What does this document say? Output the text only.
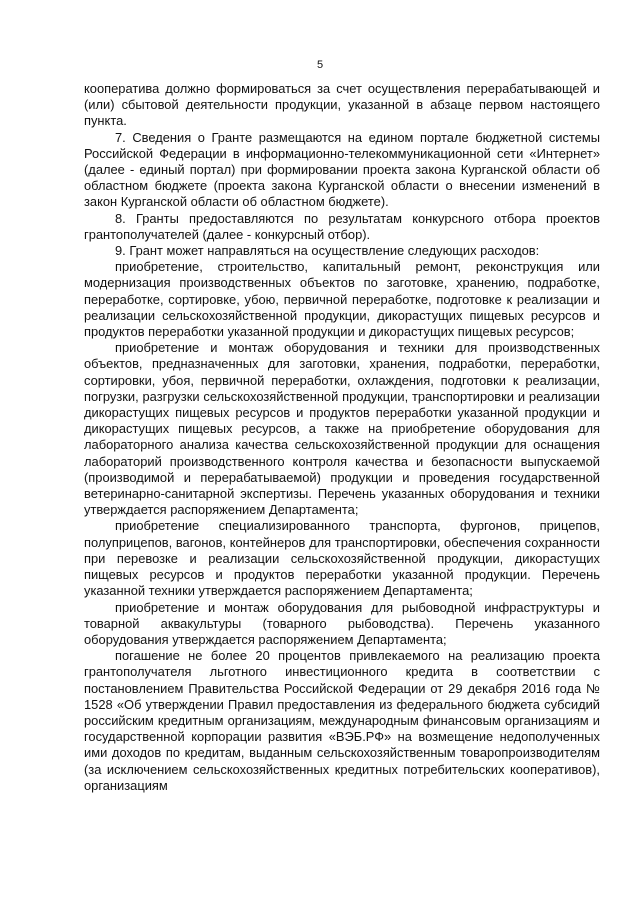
5

кооператива должно формироваться за счет осуществления перерабатывающей и (или) сбытовой деятельности продукции, указанной в абзаце первом настоящего пункта.

7. Сведения о Гранте размещаются на едином портале бюджетной системы Российской Федерации в информационно-телекоммуникационной сети «Интернет» (далее - единый портал) при формировании проекта закона Курганской области об областном бюджете (проекта закона Курганской области о внесении изменений в закон Курганской области об областном бюджете).

8. Гранты предоставляются по результатам конкурсного отбора проектов грантополучателей (далее - конкурсный отбор).

9. Грант может направляться на осуществление следующих расходов:

приобретение, строительство, капитальный ремонт, реконструкция или модернизация производственных объектов по заготовке, хранению, подработке, переработке, сортировке, убою, первичной переработке, подготовке к реализации и реализации сельскохозяйственной продукции, дикорастущих пищевых ресурсов и продуктов переработки указанной продукции и дикорастущих пищевых ресурсов;

приобретение и монтаж оборудования и техники для производственных объектов, предназначенных для заготовки, хранения, подработки, переработки, сортировки, убоя, первичной переработки, охлаждения, подготовки к реализации, погрузки, разгрузки сельскохозяйственной продукции, транспортировки и реализации дикорастущих пищевых ресурсов и продуктов переработки указанной продукции и дикорастущих пищевых ресурсов, а также на приобретение оборудования для лабораторного анализа качества сельскохозяйственной продукции для оснащения лабораторий производственного контроля качества и безопасности выпускаемой (производимой и перерабатываемой) продукции и проведения государственной ветеринарно-санитарной экспертизы. Перечень указанных оборудования и техники утверждается распоряжением Департамента;

приобретение специализированного транспорта, фургонов, прицепов, полуприцепов, вагонов, контейнеров для транспортировки, обеспечения сохранности при перевозке и реализации сельскохозяйственной продукции, дикорастущих пищевых ресурсов и продуктов переработки указанной продукции. Перечень указанной техники утверждается распоряжением Департамента;

приобретение и монтаж оборудования для рыбоводной инфраструктуры и товарной аквакультуры (товарного рыбоводства). Перечень указанного оборудования утверждается распоряжением Департамента;

погашение не более 20 процентов привлекаемого на реализацию проекта грантополучателя льготного инвестиционного кредита в соответствии с постановлением Правительства Российской Федерации от 29 декабря 2016 года № 1528 «Об утверждении Правил предоставления из федерального бюджета субсидий российским кредитным организациям, международным финансовым организациям и государственной корпорации развития «ВЭБ.РФ» на возмещение недополученных ими доходов по кредитам, выданным сельскохозяйственным товаропроизводителям (за исключением сельскохозяйственных кредитных потребительских кооперативов), организациям
